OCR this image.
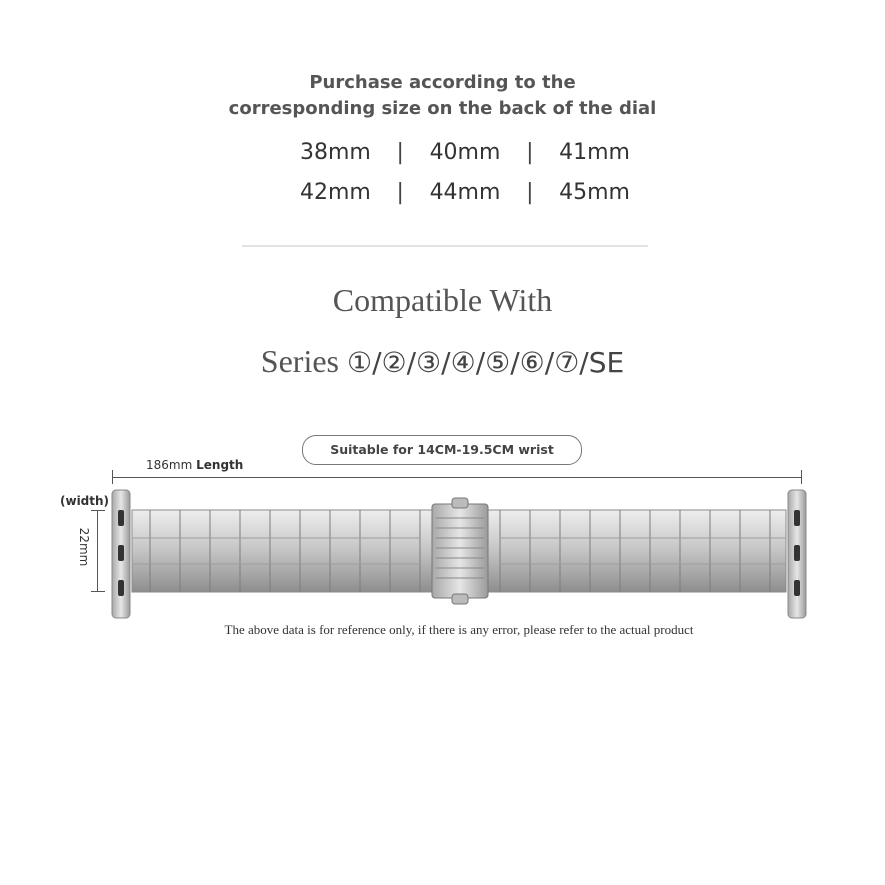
Purchase according to the
corresponding size on the back of the dial
38mm | 40mm | 41mm
42mm | 44mm | 45mm
Compatible With
Series ①/②/③/④/⑤/⑥/⑦/SE
Suitable for 14CM-19.5CM wrist
186mm Length
(width)
22mm
The above data is for reference only, if there is any error, please refer to the actual product
